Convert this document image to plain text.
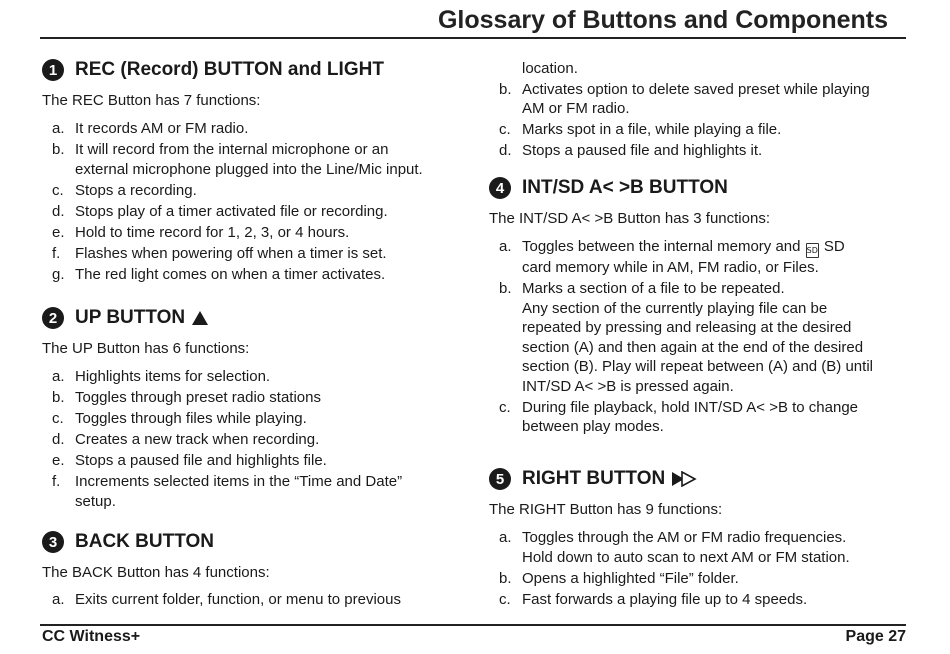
Glossary of Buttons and Components
1 REC (Record) BUTTON and LIGHT
The REC Button has 7 functions:
a. It records AM or FM radio.
b. It will record from the internal microphone or an
external microphone plugged into the Line/Mic input.
c. Stops a recording.
d. Stops play of a timer activated file or recording.
e. Hold to time record for 1, 2, 3, or 4 hours.
f. Flashes when powering off when a timer is set.
g. The red light comes on when a timer activates.
2 UP BUTTON
The UP Button has 6 functions:
a. Highlights items for selection.
b. Toggles through preset radio stations
c. Toggles through files while playing.
d. Creates a new track when recording.
e. Stops a paused file and highlights file.
f. Increments selected items in the “Time and Date”
setup.
3 BACK BUTTON
The BACK Button has 4 functions:
a. Exits current folder, function, or menu to previous
location.
b. Activates option to delete saved preset while playing
AM or FM radio.
c. Marks spot in a file, while playing a file.
d. Stops a paused file and highlights it.
4 INT/SD A< >B BUTTON
The INT/SD A< >B Button has 3 functions:
a. Toggles between the internal memory and SD SD
card memory while in AM, FM radio, or Files.
b. Marks a section of a file to be repeated.
Any section of the currently playing file can be
repeated by pressing and releasing at the desired
section (A) and then again at the end of the desired
section (B). Play will repeat between (A) and (B) until
INT/SD A< >B is pressed again.
c. During file playback, hold INT/SD A< >B to change
between play modes.
5 RIGHT BUTTON
The RIGHT Button has 9 functions:
a. Toggles through the AM or FM radio frequencies.
Hold down to auto scan to next AM or FM station.
b. Opens a highlighted “File” folder.
c. Fast forwards a playing file up to 4 speeds.
CC Witness+	Page 27
